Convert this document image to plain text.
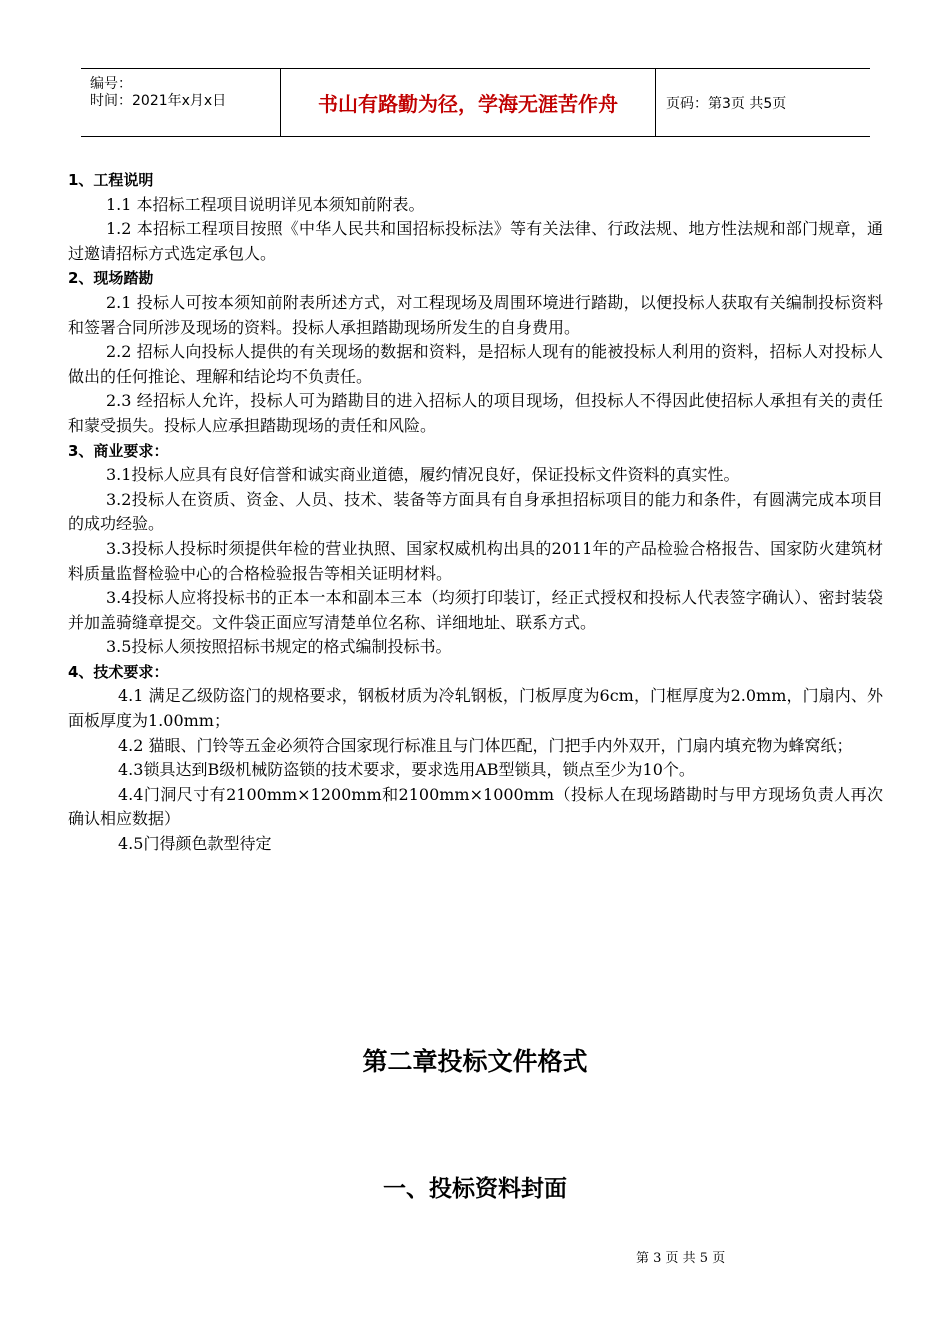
编号：
时间：2021年x月x日	书山有路勤为径，学海无涯苦作舟	页码：第3页 共5页
1、工程说明

1.1 本招标工程项目说明详见本须知前附表。

1.2 本招标工程项目按照《中华人民共和国招标投标法》等有关法律、行政法规、地方性法规和部门规章，通过邀请招标方式选定承包人。

2、现场踏勘

2.1 投标人可按本须知前附表所述方式，对工程现场及周围环境进行踏勘，以便投标人获取有关编制投标资料和签署合同所涉及现场的资料。投标人承担踏勘现场所发生的自身费用。

2.2 招标人向投标人提供的有关现场的数据和资料，是招标人现有的能被投标人利用的资料，招标人对投标人做出的任何推论、理解和结论均不负责任。

2.3 经招标人允许，投标人可为踏勘目的进入招标人的项目现场，但投标人不得因此使招标人承担有关的责任和蒙受损失。投标人应承担踏勘现场的责任和风险。

3、商业要求：

3.1投标人应具有良好信誉和诚实商业道德，履约情况良好，保证投标文件资料的真实性。

3.2投标人在资质、资金、人员、技术、装备等方面具有自身承担招标项目的能力和条件，有圆满完成本项目的成功经验。

3.3投标人投标时须提供年检的营业执照、国家权威机构出具的2011年的产品检验合格报告、国家防火建筑材料质量监督检验中心的合格检验报告等相关证明材料。

3.4投标人应将投标书的正本一本和副本三本（均须打印装订，经正式授权和投标人代表签字确认）、密封装袋并加盖骑缝章提交。文件袋正面应写清楚单位名称、详细地址、联系方式。

3.5投标人须按照招标书规定的格式编制投标书。

4、技术要求：

4.1 满足乙级防盗门的规格要求，钢板材质为冷轧钢板，门板厚度为6cm，门框厚度为2.0mm，门扇内、外面板厚度为1.00mm；

4.2 猫眼、门铃等五金必须符合国家现行标准且与门体匹配，门把手内外双开，门扇内填充物为蜂窝纸；

4.3锁具达到B级机械防盗锁的技术要求，要求选用AB型锁具，锁点至少为10个。

4.4门洞尺寸有2100mm×1200mm和2100mm×1000mm（投标人在现场踏勘时与甲方现场负责人再次确认相应数据）

4.5门得颜色款型待定

第二章投标文件格式
一、投标资料封面
第 3 页 共 5 页
